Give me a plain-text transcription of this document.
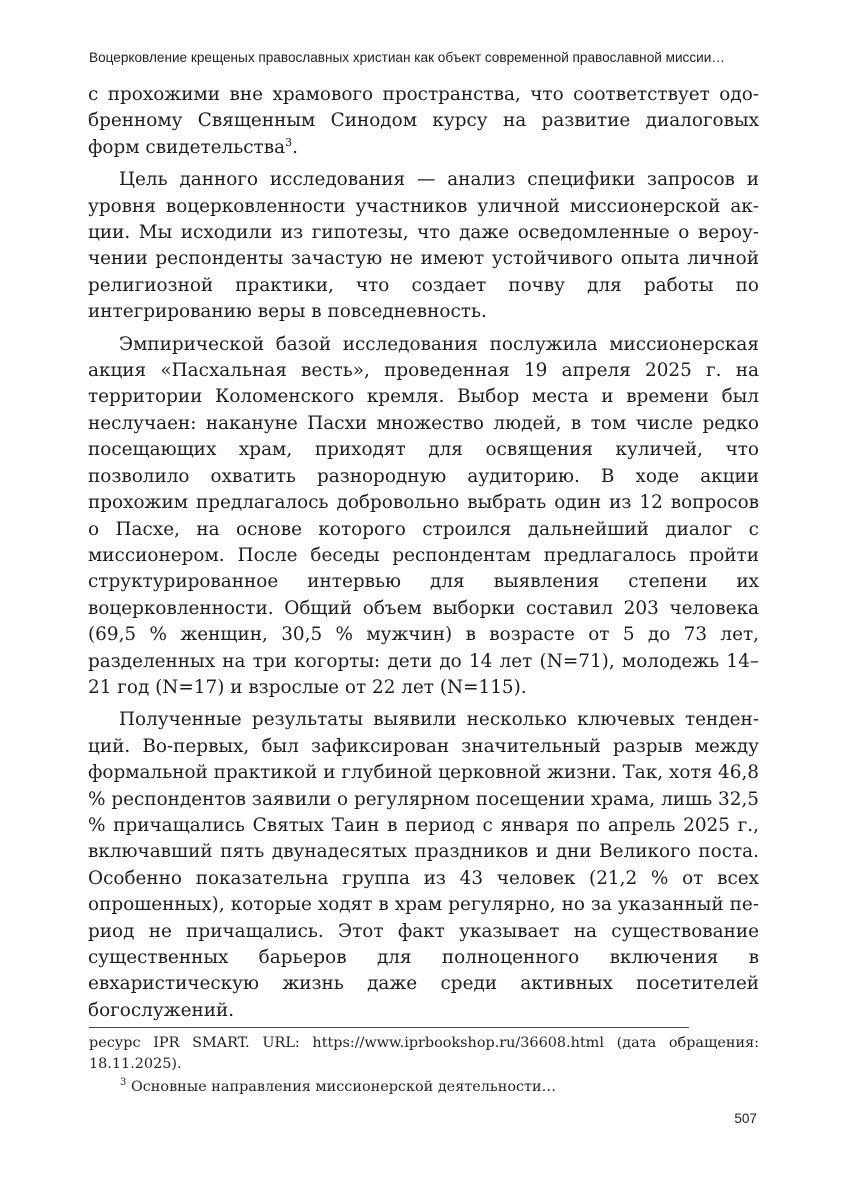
Воцерковление крещеных православных христиан как объект современной православной миссии…

с прохожими вне храмового пространства, что соответствует одобренному Священным Синодом курсу на развитие диалоговых форм свидетельства$^3$.

Цель данного исследования — анализ специфики запросов и уровня воцерковленности участников уличной миссионерской акции. Мы исходили из гипотезы, что даже осведомленные о вероучении респонденты зачастую не имеют устойчивого опыта личной религиозной практики, что создает почву для работы по интегрированию веры в повседневность.

Эмпирической базой исследования послужила миссионерская акция «Пасхальная весть», проведенная 19 апреля 2025 г. на территории Коломенского кремля. Выбор места и времени был неслучаен: накануне Пасхи множество людей, в том числе редко посещающих храм, приходят для освящения куличей, что позволило охватить разнородную аудиторию. В ходе акции прохожим предлагалось добровольно выбрать один из 12 вопросов о Пасхе, на основе которого строился дальнейший диалог с миссионером. После беседы респондентам предлагалось пройти структурированное интервью для выявления степени их воцерковленности. Общий объем выборки составил 203 человека (69,5 % женщин, 30,5 % мужчин) в возрасте от 5 до 73 лет, разделенных на три когорты: дети до 14 лет (N=71), молодежь 14–21 год (N=17) и взрослые от 22 лет (N=115).

Полученные результаты выявили несколько ключевых тенденций. Во-первых, был зафиксирован значительный разрыв между формальной практикой и глубиной церковной жизни. Так, хотя 46,8 % респондентов заявили о регулярном посещении храма, лишь 32,5 % причащались Святых Таин в период с января по апрель 2025 г., включавший пять двунадесятых праздников и дни Великого поста. Особенно показательна группа из 43 человек (21,2 % от всех опрошенных), которые ходят в храм регулярно, но за указанный период не причащались. Этот факт указывает на существование существенных барьеров для полноценного включения в евхаристическую жизнь даже среди активных посетителей богослужений.

ресурс IPR SMART. URL: https://www.iprbookshop.ru/36608.html (дата обращения: 18.11.2025).

$^3$ Основные направления миссионерской деятельности…

507
